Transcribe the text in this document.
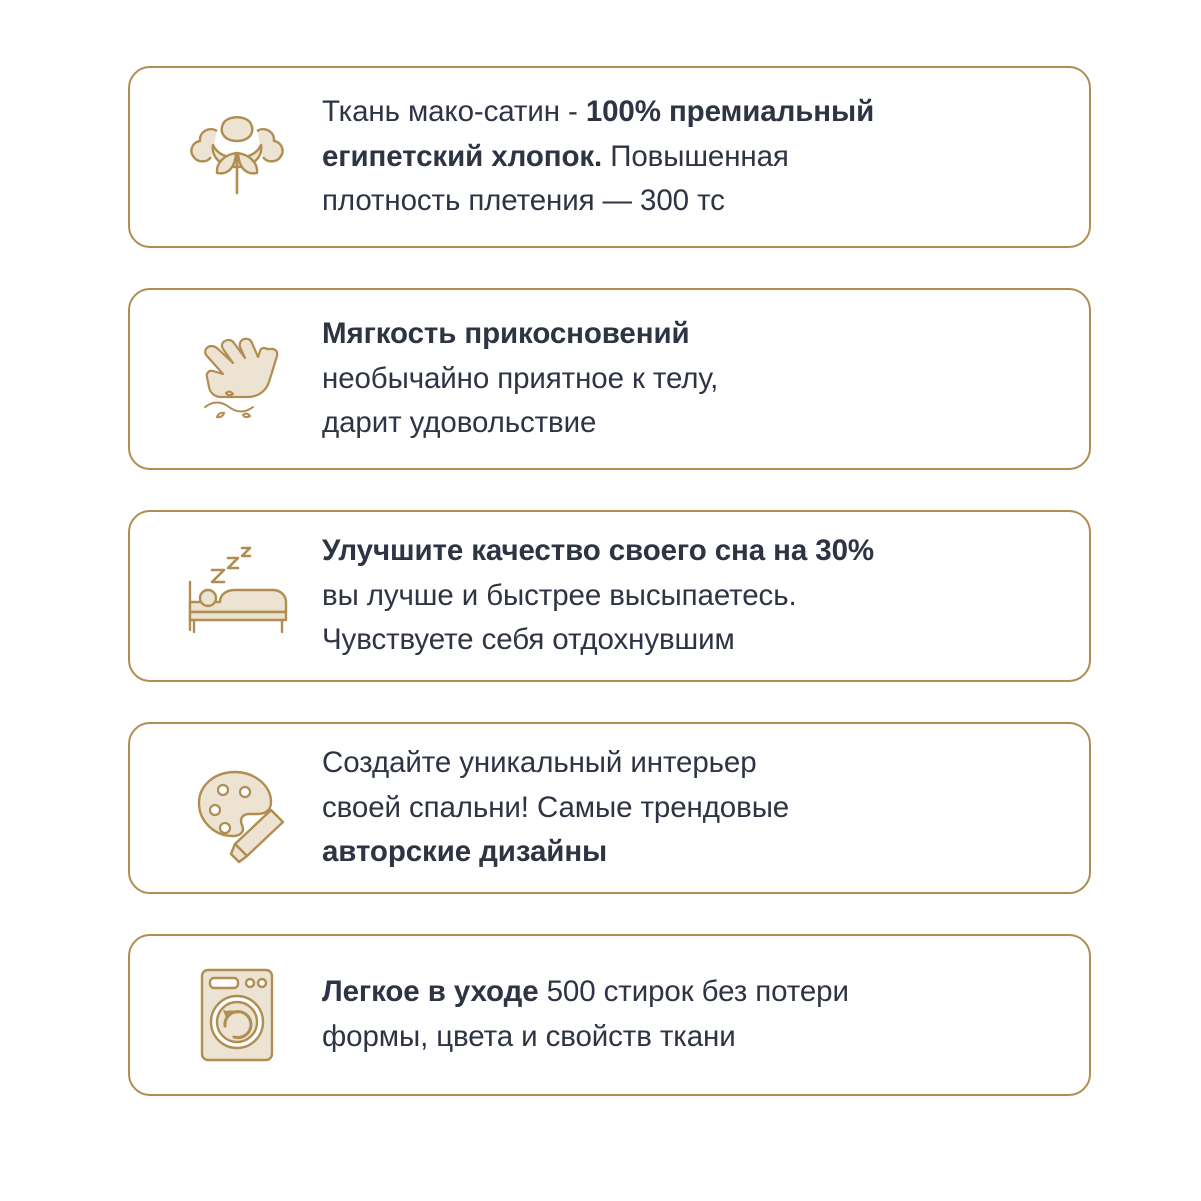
Ткань мако-сатин - 100% премиальный
египетский хлопок. Повышенная
плотность плетения — 300 тс
Мягкость прикосновений
необычайно приятное к телу,
дарит удовольствие
Улучшите качество своего сна на 30%
вы лучше и быстрее высыпаетесь.
Чувствуете себя отдохнувшим
Создайте уникальный интерьер
своей спальни! Самые трендовые
авторские дизайны
Легкое в уходе 500 стирок без потери
формы, цвета и свойств ткани
